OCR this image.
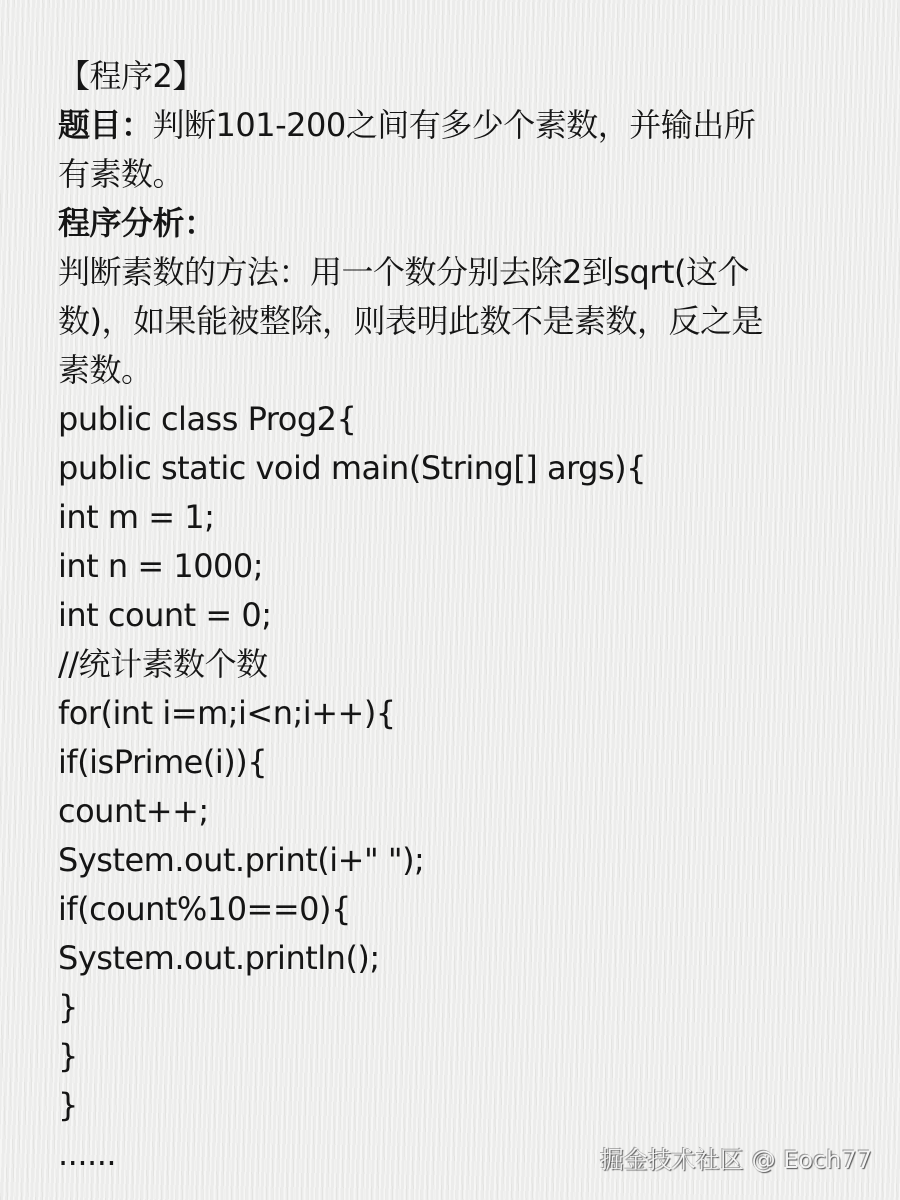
【程序2】
题目：判断101-200之间有多少个素数，并输出所
有素数。
程序分析：
判断素数的方法：用一个数分别去除2到sqrt(这个
数)，如果能被整除，则表明此数不是素数，反之是
素数。
public class Prog2{
public static void main(String[] args){
int m = 1;
int n = 1000;
int count = 0;
//统计素数个数
for(int i=m;i<n;i++){
if(isPrime(i)){
count++;
System.out.print(i+" ");
if(count%10==0){
System.out.println();
}
}
}
......	掘金技术社区 @ Eoch77
